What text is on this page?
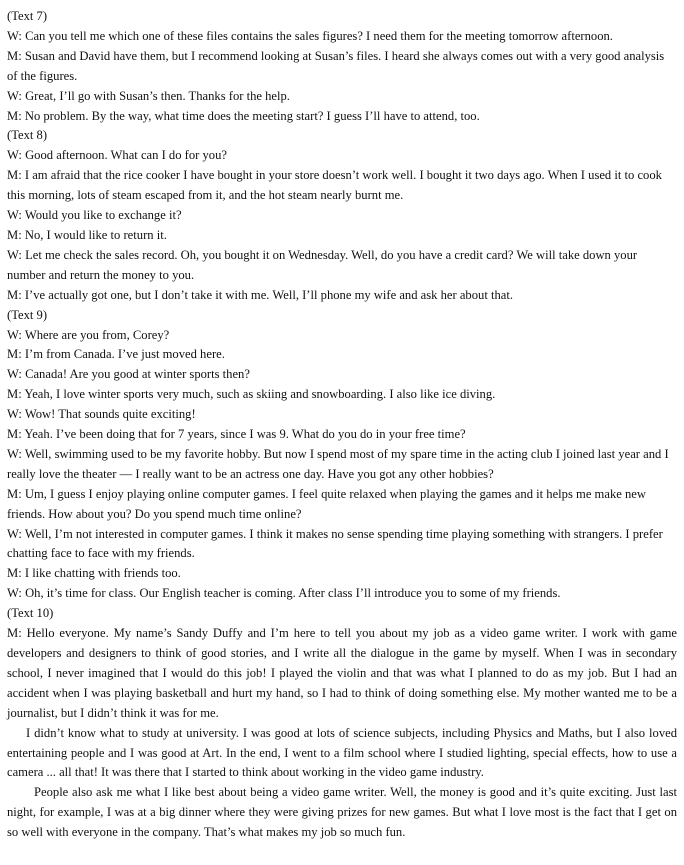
(Text 7)

W: Can you tell me which one of these files contains the sales figures? I need them for the meeting tomorrow afternoon.

M: Susan and David have them, but I recommend looking at Susan’s files. I heard she always comes out with a very good analysis of the figures.

W: Great, I’ll go with Susan’s then. Thanks for the help.

M: No problem. By the way, what time does the meeting start? I guess I’ll have to attend, too.

(Text 8)

W: Good afternoon. What can I do for you?

M: I am afraid that the rice cooker I have bought in your store doesn’t work well. I bought it two days ago. When I used it to cook this morning, lots of steam escaped from it, and the hot steam nearly burnt me.

W: Would you like to exchange it?

M: No, I would like to return it.

W: Let me check the sales record. Oh, you bought it on Wednesday. Well, do you have a credit card? We will take down your number and return the money to you.

M: I’ve actually got one, but I don’t take it with me. Well, I’ll phone my wife and ask her about that.

(Text 9)

W: Where are you from, Corey?

M: I’m from Canada. I’ve just moved here.

W: Canada! Are you good at winter sports then?

M: Yeah, I love winter sports very much, such as skiing and snowboarding. I also like ice diving.

W: Wow! That sounds quite exciting!

M: Yeah. I’ve been doing that for 7 years, since I was 9. What do you do in your free time?

W: Well, swimming used to be my favorite hobby. But now I spend most of my spare time in the acting club I joined last year and I really love the theater — I really want to be an actress one day. Have you got any other hobbies?

M: Um, I guess I enjoy playing online computer games. I feel quite relaxed when playing the games and it helps me make new friends. How about you? Do you spend much time online?

W: Well, I’m not interested in computer games. I think it makes no sense spending time playing something with strangers. I prefer chatting face to face with my friends.

M: I like chatting with friends too.

W: Oh, it’s time for class. Our English teacher is coming. After class I’ll introduce you to some of my friends.

(Text 10)

M: Hello everyone. My name’s Sandy Duffy and I’m here to tell you about my job as a video game writer. I work with game developers and designers to think of good stories, and I write all the dialogue in the game by myself. When I was in secondary school, I never imagined that I would do this job! I played the violin and that was what I planned to do as my job. But I had an accident when I was playing basketball and hurt my hand, so I had to think of doing something else. My mother wanted me to be a journalist, but I didn’t think it was for me.

I didn’t know what to study at university. I was good at lots of science subjects, including Physics and Maths, but I also loved entertaining people and I was good at Art. In the end, I went to a film school where I studied lighting, special effects, how to use a camera ... all that! It was there that I started to think about working in the video game industry.

People also ask me what I like best about being a video game writer. Well, the money is good and it’s quite exciting. Just last night, for example, I was at a big dinner where they were giving prizes for new games. But what I love most is the fact that I get on so well with everyone in the company. That’s what makes my job so much fun.
